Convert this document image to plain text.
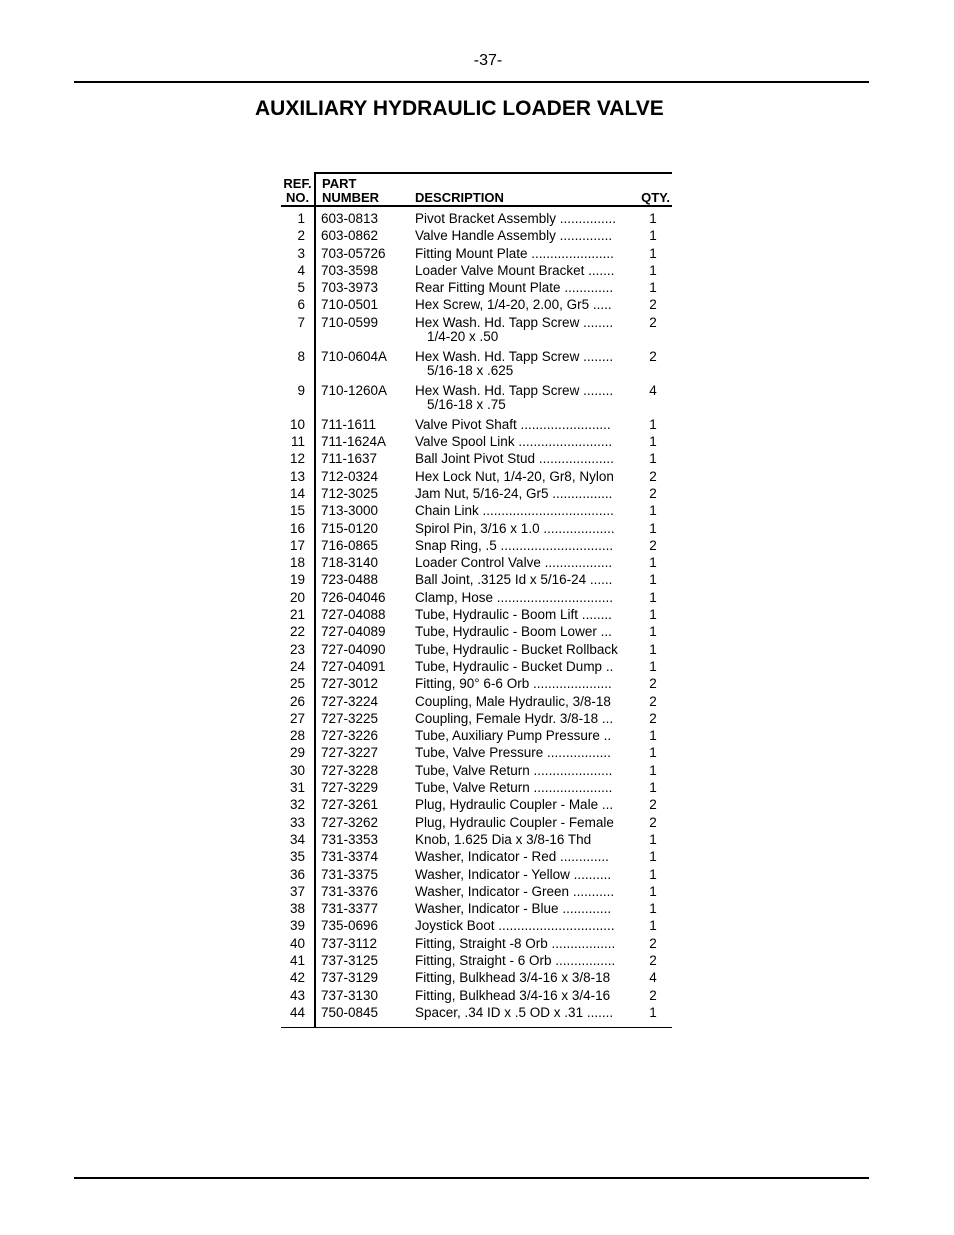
-37-
AUXILIARY HYDRAULIC LOADER VALVE
REF.
NO.
PART
NUMBER	DESCRIPTION	QTY.
1 603-0813	Pivot Bracket Assembly ............... 1
2 603-0862	Valve Handle Assembly ..............	1
3 703-05726 Fitting Mount Plate ......................	1
4 703-3598	Loader Valve Mount Bracket .......	1
5 703-3973	Rear Fitting Mount Plate .............	1
6 710-0501	Hex Screw, 1/4-20, 2.00, Gr5 .....	2
7 710-0599	Hex Wash. Hd. Tapp Screw ........	2
1/4-20 x .50
8 710-0604A Hex Wash. Hd. Tapp Screw ........	2
5/16-18 x .625
9 710-1260A Hex Wash. Hd. Tapp Screw ........	4
5/16-18 x .75
10 711-1611	Valve Pivot Shaft ........................	1
11 711-1624A Valve Spool Link .........................	1
12 711-1637	Ball Joint Pivot Stud ....................	1
13 712-0324	Hex Lock Nut, 1/4-20, Gr8, Nylon	2
14 712-3025	Jam Nut, 5/16-24, Gr5 ................	2
15 713-3000	Chain Link ...................................	1
16 715-0120	Spirol Pin, 3/16 x 1.0 ...................	1
17 716-0865	Snap Ring, .5 ..............................	2
18 718-3140	Loader Control Valve ..................	1
19 723-0488	Ball Joint, .3125 Id x 5/16-24 ......	1
20 726-04046 Clamp, Hose ...............................	1
21 727-04088 Tube, Hydraulic - Boom Lift ........	1
22 727-04089 Tube, Hydraulic - Boom Lower ...	1
23 727-04090 Tube, Hydraulic - Bucket Rollback 1
24 727-04091 Tube, Hydraulic - Bucket Dump ..	1
25 727-3012	Fitting, 90° 6-6 Orb .....................	2
26 727-3224	Coupling, Male Hydraulic, 3/8-18	2
27 727-3225	Coupling, Female Hydr. 3/8-18 ...	2
28 727-3226	Tube, Auxiliary Pump Pressure ..	1
29 727-3227	Tube, Valve Pressure .................	1
30 727-3228	Tube, Valve Return .....................	1
31 727-3229	Tube, Valve Return .....................	1
32 727-3261	Plug, Hydraulic Coupler - Male ...	2
33 727-3262	Plug, Hydraulic Coupler - Female	2
34 731-3353	Knob, 1.625 Dia x 3/8-16 Thd	1
35 731-3374	Washer, Indicator - Red .............	1
36 731-3375	Washer, Indicator - Yellow ..........	1
37 731-3376	Washer, Indicator - Green ...........	1
38 731-3377	Washer, Indicator - Blue .............	1
39 735-0696	Joystick Boot ...............................	1
40 737-3112	Fitting, Straight -8 Orb .................	2
41 737-3125	Fitting, Straight - 6 Orb ................	2
42 737-3129	Fitting, Bulkhead 3/4-16 x 3/8-18	4
43 737-3130	Fitting, Bulkhead 3/4-16 x 3/4-16	2
44 750-0845	Spacer, .34 ID x .5 OD x .31 .......	1
